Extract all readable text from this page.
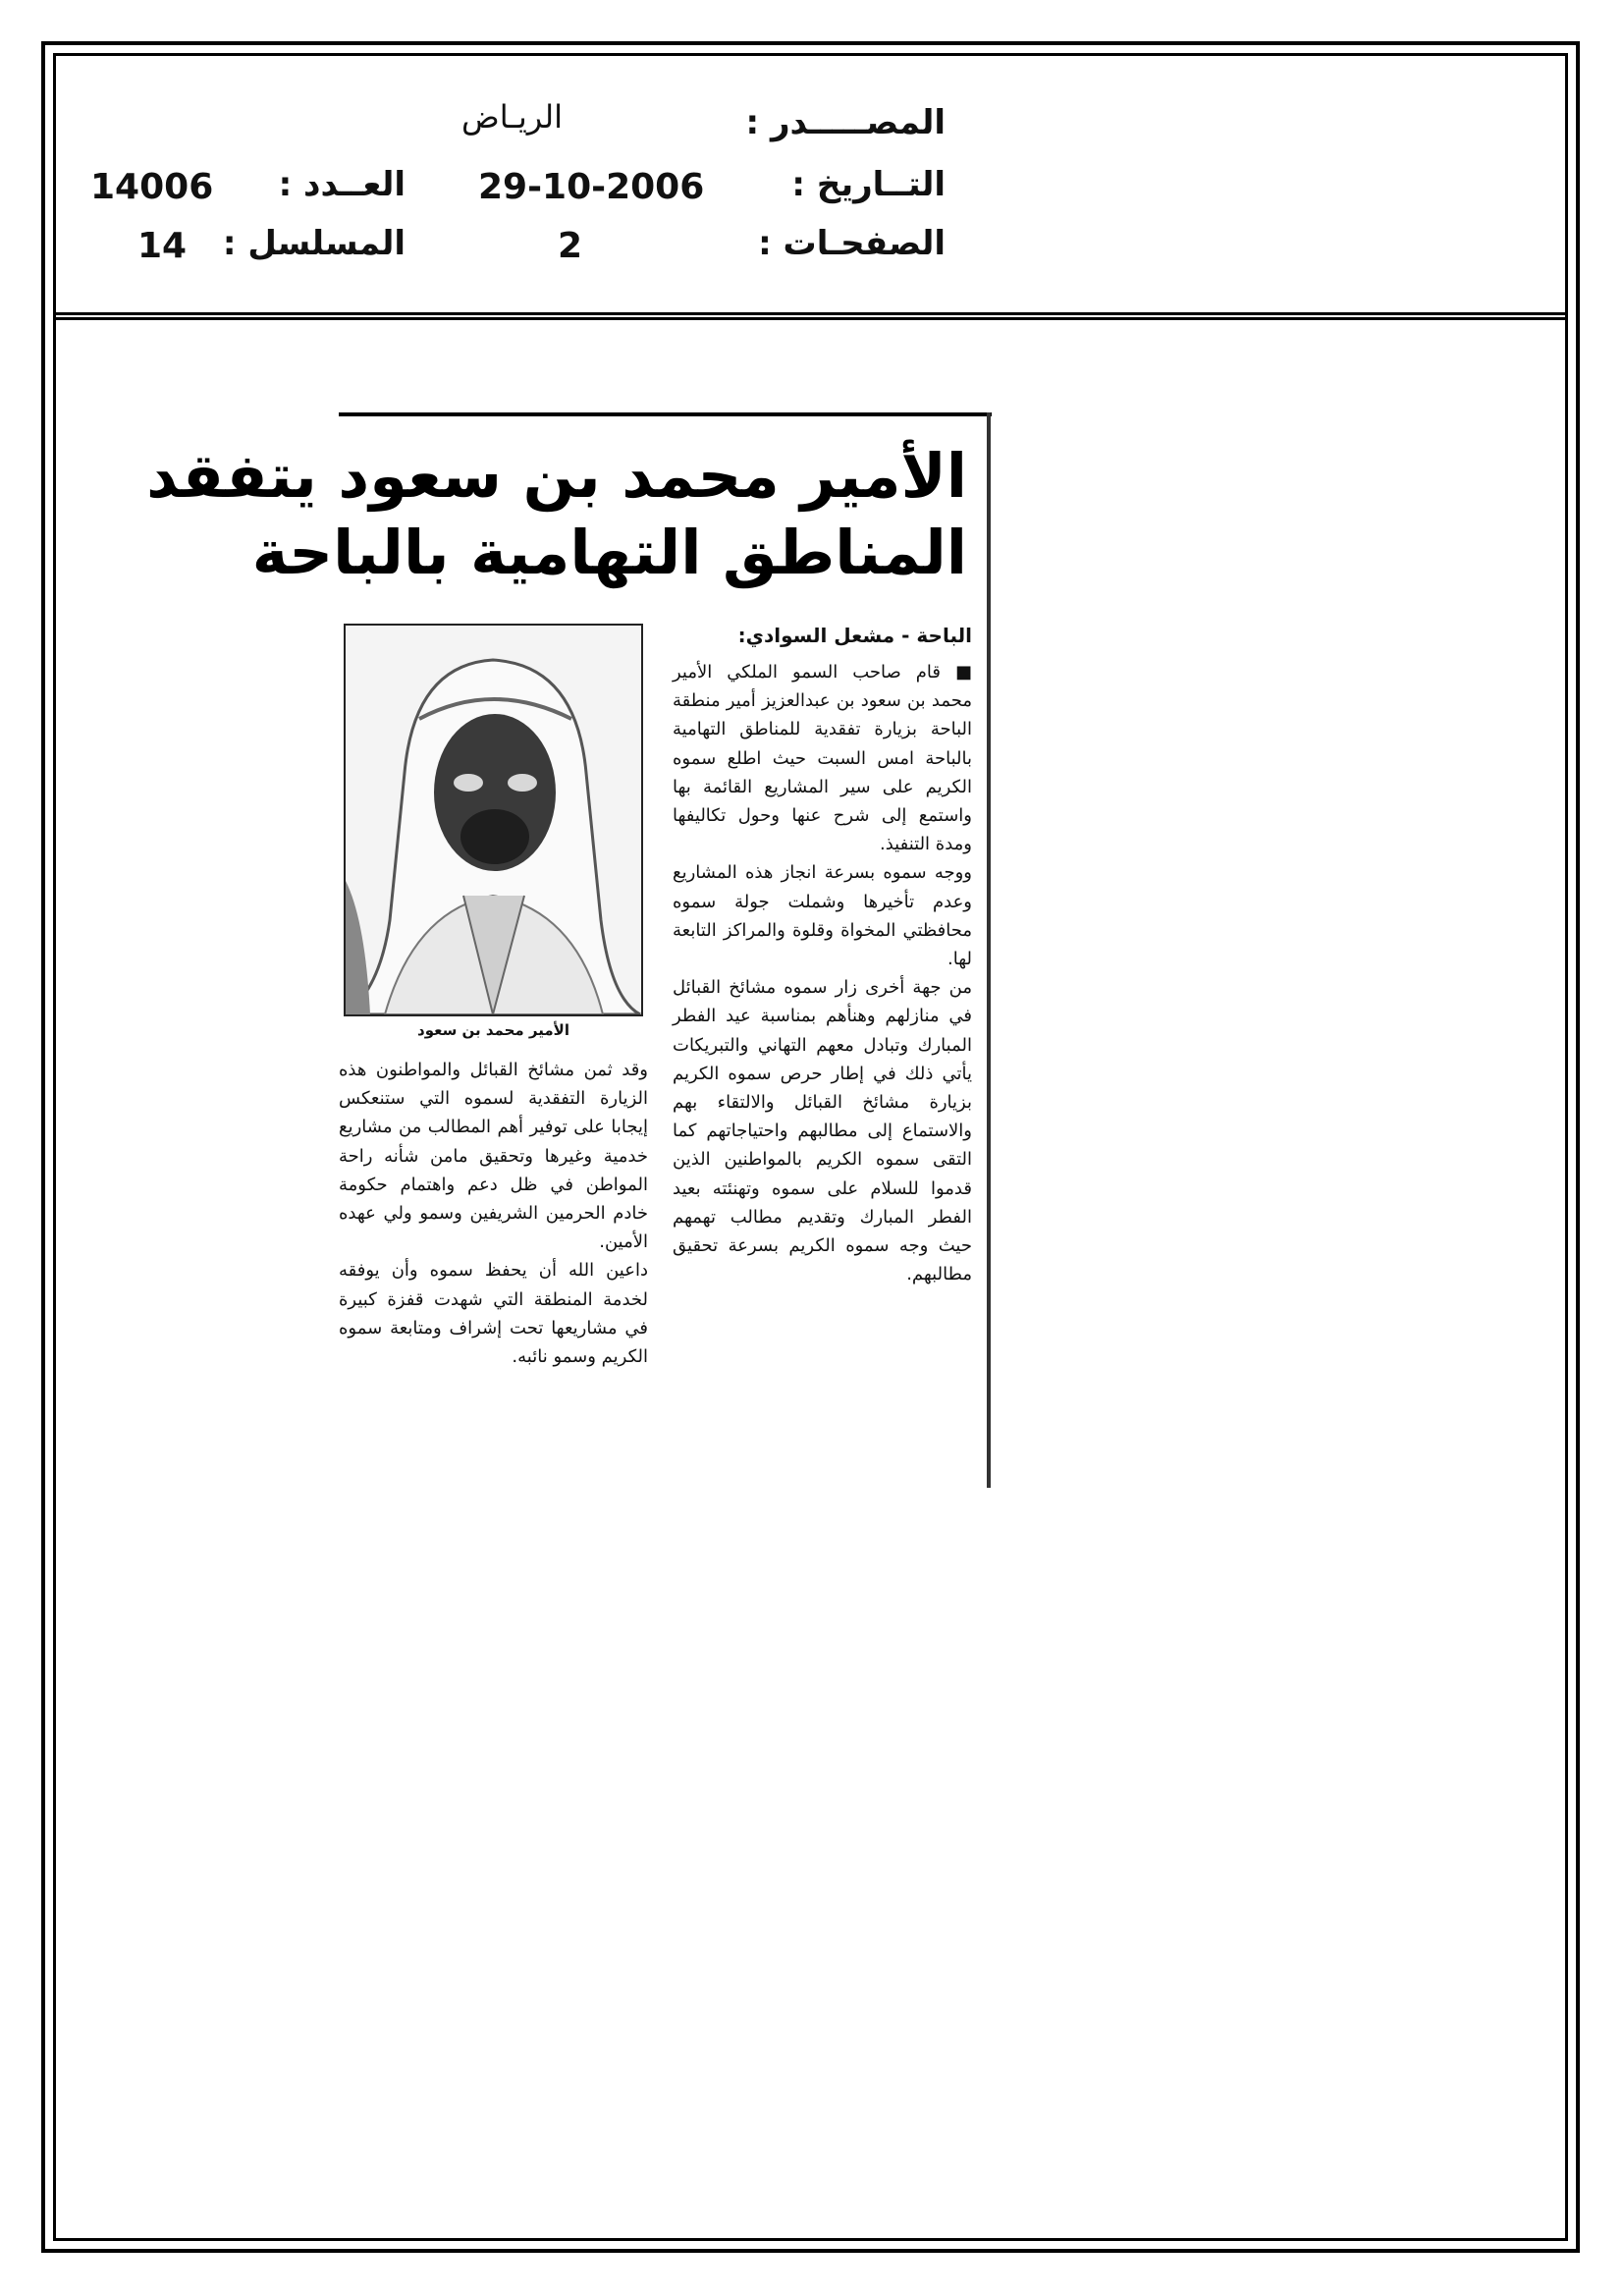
المصـــــدر :
الريـاض
التــاريخ :
29-10-2006
العــدد :
14006
الصفحـات :
2
المسلسل :
14
الأمير محمد بن سعود يتفقد
المناطق التهامية بالباحة
الباحة - مشعل السوادي:

■ قام صاحب السمو الملكي الأمير محمد بن سعود بن عبدالعزيز أمير منطقة الباحة بزيارة تفقدية للمناطق التهامية بالباحة امس السبت حيث اطلع سموه الكريم على سير المشاريع القائمة بها واستمع إلى شرح عنها وحول تكاليفها ومدة التنفيذ.

ووجه سموه بسرعة انجاز هذه المشاريع وعدم تأخيرها وشملت جولة سموه محافظتي المخواة وقلوة والمراكز التابعة لها.

من جهة أخرى زار سموه مشائخ القبائل في منازلهم وهنأهم بمناسبة عيد الفطر المبارك وتبادل معهم التهاني والتبريكات يأتي ذلك في إطار حرص سموه الكريم بزيارة مشائخ القبائل والالتقاء بهم والاستماع إلى مطالبهم واحتياجاتهم كما التقى سموه الكريم بالمواطنين الذين قدموا للسلام على سموه وتهنئته بعيد الفطر المبارك وتقديم مطالب تهمهم حيث وجه سموه الكريم بسرعة تحقيق مطالبهم.

الأمير محمد بن سعود

وقد ثمن مشائخ القبائل والمواطنون هذه الزيارة التفقدية لسموه التي ستنعكس إيجابا على توفير أهم المطالب من مشاريع خدمية وغيرها وتحقيق مامن شأنه راحة المواطن في ظل دعم واهتمام حكومة خادم الحرمين الشريفين وسمو ولي عهده الأمين.

داعين الله أن يحفظ سموه وأن يوفقه لخدمة المنطقة التي شهدت قفزة كبيرة في مشاريعها تحت إشراف ومتابعة سموه الكريم وسمو نائبه.
